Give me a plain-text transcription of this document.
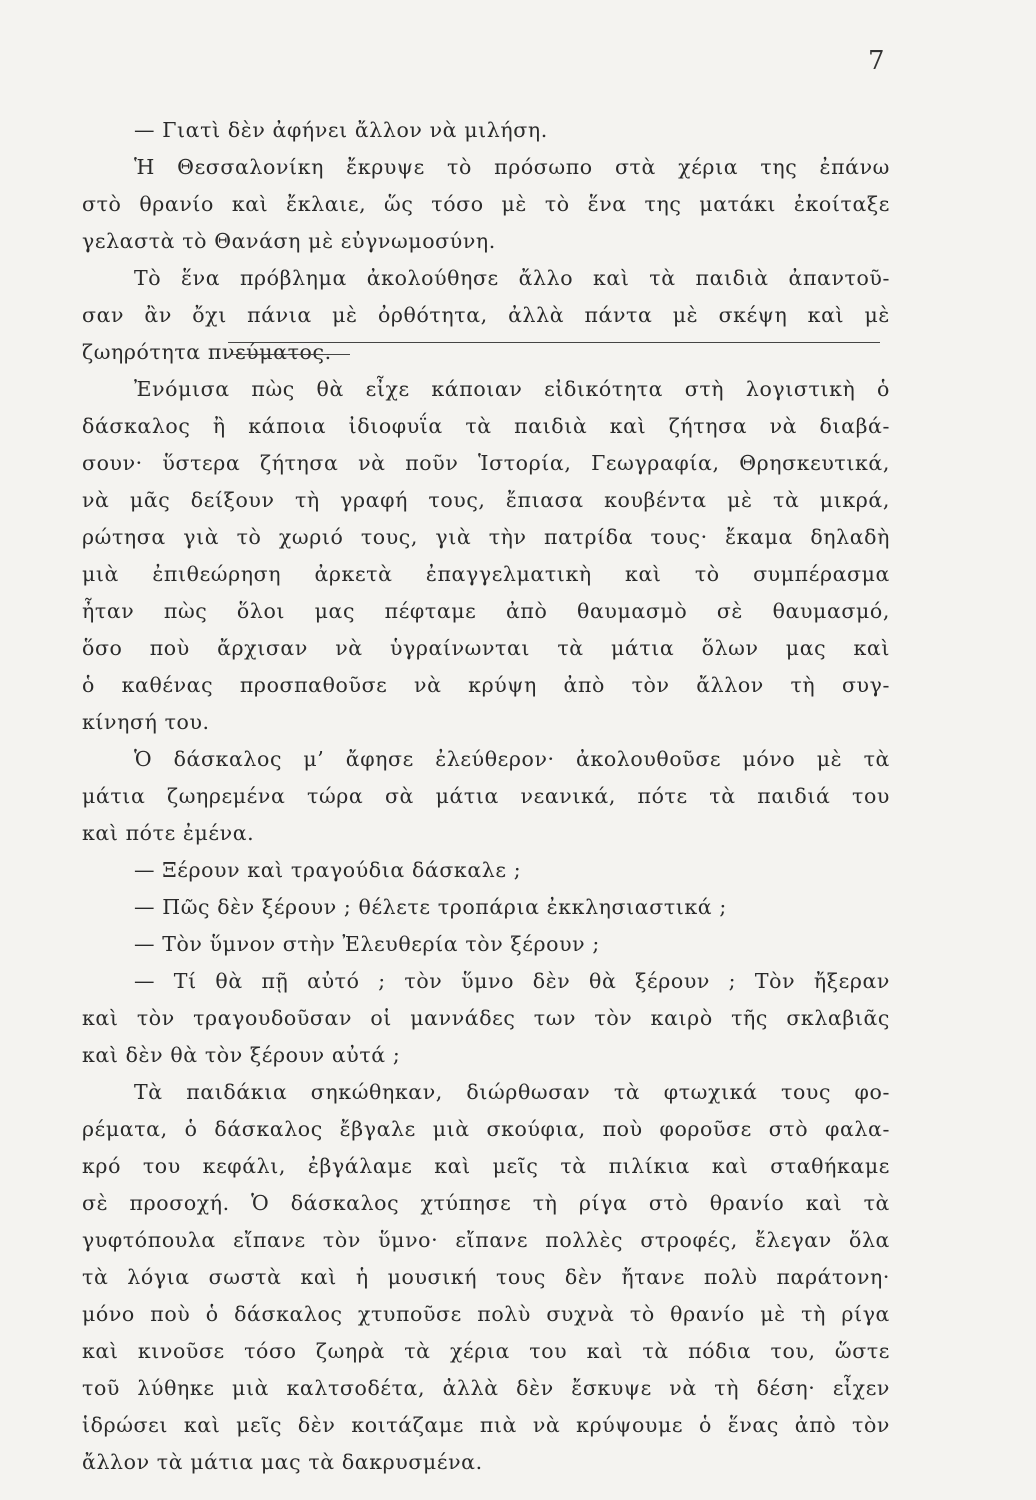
7
— Γιατὶ δὲν ἀφήνει ἄλλον νὰ μιλήση.
Ἡ Θεσσαλονίκη ἔκρυψε τὸ πρόσωπο στὰ χέρια της ἐπάνω
στὸ θρανίο καὶ ἔκλαιε, ὥς τόσο μὲ τὸ ἕνα της ματάκι ἐκοίταξε
γελαστὰ τὸ Θανάση μὲ εὐγνωμοσύνη.
Τὸ ἕνα πρόβλημα ἀκολούθησε ἄλλο καὶ τὰ παιδιὰ ἀπαντοῦ-
σαν ἂν ὄχι πάνια μὲ ὀρθότητα, ἀλλὰ πάντα μὲ σκέψη καὶ μὲ
ζωηρότητα πνεύματος.
Ἐνόμισα πὼς θὰ εἶχε κάποιαν εἰδικότητα στὴ λογιστικὴ ὁ
δάσκαλος ἢ κάποια ἰδιοφυΐα τὰ παιδιὰ καὶ ζήτησα νὰ διαβά-
σουν· ὕστερα ζήτησα νὰ ποῦν Ἱστορία, Γεωγραφία, Θρησκευτικά,
νὰ μᾶς δείξουν τὴ γραφή τους, ἔπιασα κουβέντα μὲ τὰ μικρά,
ρώτησα γιὰ τὸ χωριό τους, γιὰ τὴν πατρίδα τους· ἔκαμα δηλαδὴ
μιὰ ἐπιθεώρηση ἀρκετὰ ἐπαγγελματικὴ καὶ τὸ συμπέρασμα
ἦταν πὼς ὅλοι μας πέφταμε ἀπὸ θαυμασμὸ σὲ θαυμασμό,
ὅσο ποὺ ἄρχισαν νὰ ὑγραίνωνται τὰ μάτια ὅλων μας καὶ
ὁ καθένας προσπαθοῦσε νὰ κρύψη ἀπὸ τὸν ἄλλον τὴ συγ-
κίνησή του.
Ὁ δάσκαλος μ’ ἄφησε ἐλεύθερον· ἀκολουθοῦσε μόνο μὲ τὰ
μάτια ζωηρεμένα τώρα σὰ μάτια νεανικά, πότε τὰ παιδιά του
καὶ πότε ἐμένα.
— Ξέρουν καὶ τραγούδια δάσκαλε ;
— Πῶς δὲν ξέρουν ; θέλετε τροπάρια ἐκκλησιαστικά ;
— Τὸν ὕμνον στὴν Ἐλευθερία τὸν ξέρουν ;
— Τί θὰ πῇ αὐτό ; τὸν ὕμνο δὲν θὰ ξέρουν ; Τὸν ἤξεραν
καὶ τὸν τραγουδοῦσαν οἱ μαννάδες των τὸν καιρὸ τῆς σκλαβιᾶς
καὶ δὲν θὰ τὸν ξέρουν αὐτά ;
Τὰ παιδάκια σηκώθηκαν, διώρθωσαν τὰ φτωχικά τους φο-
ρέματα, ὁ δάσκαλος ἔβγαλε μιὰ σκούφια, ποὺ φοροῦσε στὸ φαλα-
κρό του κεφάλι, ἐβγάλαμε καὶ μεῖς τὰ πιλίκια καὶ σταθήκαμε
σὲ προσοχή. Ὁ δάσκαλος χτύπησε τὴ ρίγα στὸ θρανίο καὶ τὰ
γυφτόπουλα εἴπανε τὸν ὕμνο· εἴπανε πολλὲς στροφές, ἔλεγαν ὅλα
τὰ λόγια σωστὰ καὶ ἡ μουσική τους δὲν ἤτανε πολὺ παράτονη·
μόνο ποὺ ὁ δάσκαλος χτυποῦσε πολὺ συχνὰ τὸ θρανίο μὲ τὴ ρίγα
καὶ κινοῦσε τόσο ζωηρὰ τὰ χέρια του καὶ τὰ πόδια του, ὥστε
τοῦ λύθηκε μιὰ καλτσοδέτα, ἀλλὰ δὲν ἔσκυψε νὰ τὴ δέση· εἶχεν
ἱδρώσει καὶ μεῖς δὲν κοιτάζαμε πιὰ νὰ κρύψουμε ὁ ἕνας ἀπὸ τὸν
ἄλλον τὰ μάτια μας τὰ δακρυσμένα.
